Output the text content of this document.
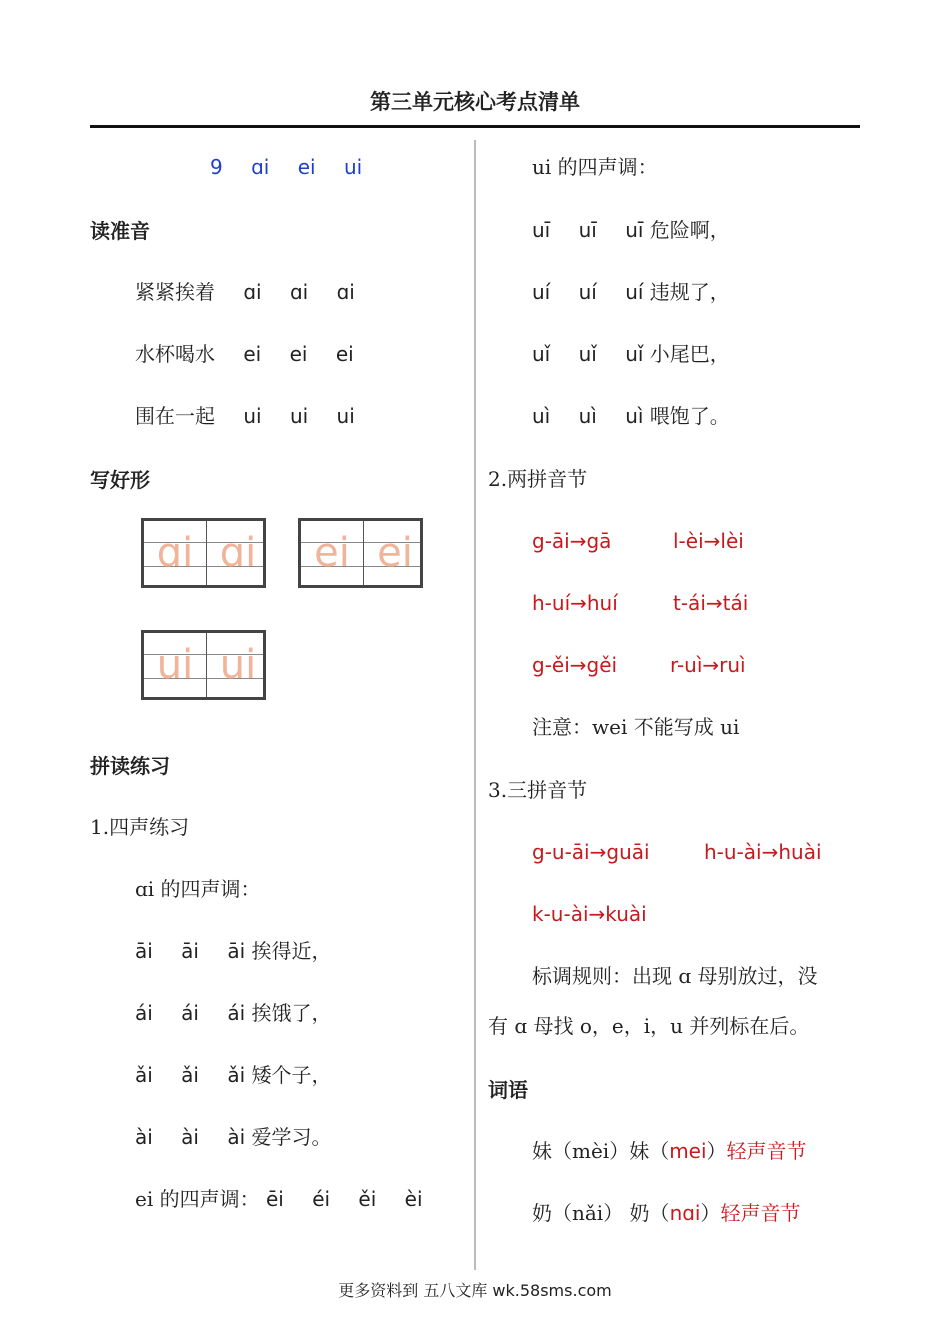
第三单元核心考点清单
9 ɑi ei ui
读准音
紧紧挨着 ɑi ɑi ɑi
水杯喝水 ei ei ei
围在一起 ui ui ui
写好形
ɑi ɑi	ei ei
ui ui
拼读练习
1.四声练习
ɑi 的四声调：
āi āi āi 挨得近，
ái ái ái 挨饿了，
ǎi ǎi ǎi 矮个子，
ài ài ài 爱学习。
ei 的四声调： ēi éi ěi èi
ui 的四声调：
uī uī uī 危险啊，
uí uí uí 违规了，
uǐ uǐ uǐ 小尾巴，
uì uì uì 喂饱了。
2.两拼音节
g-āi→gā	l-èi→lèi
h-uí→huí	t-ái→tái
g-ěi→gěi	r-uì→ruì
注意：wei 不能写成 ui
3.三拼音节
g-u-āi→guāi	h-u-ài→huài
k-u-ài→kuài
标调规则：出现 ɑ 母别放过，没
有 ɑ 母找 o，e，i，u 并列标在后。
词语
妹（mèi）妹（mei）轻声音节
奶（nǎi） 奶（nɑi）轻声音节
更多资料到 五八文库 wk.58sms.com
